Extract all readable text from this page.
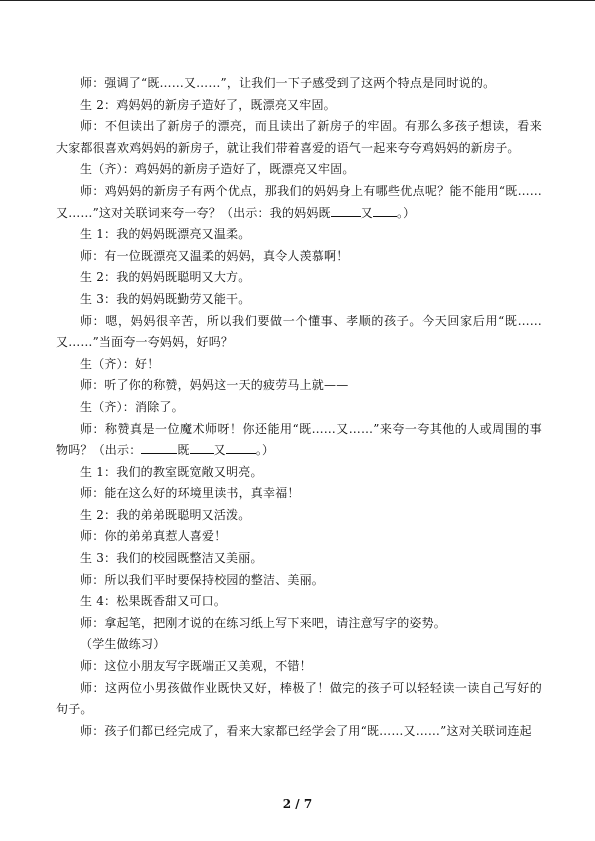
师：强调了“既……又……”，让我们一下子感受到了这两个特点是同时说的。

生 2：鸡妈妈的新房子造好了，既漂亮又牢固。

师：不但读出了新房子的漂亮，而且读出了新房子的牢固。有那么多孩子想读，看来大家都很喜欢鸡妈妈的新房子，就让我们带着喜爱的语气一起来夸夸鸡妈妈的新房子。

生（齐）：鸡妈妈的新房子造好了，既漂亮又牢固。

师：鸡妈妈的新房子有两个优点，那我们的妈妈身上有哪些优点呢？能不能用“既……又……”这对关联词来夸一夸？（出示：我的妈妈既	又 。）

生 1：我的妈妈既漂亮又温柔。

师：有一位既漂亮又温柔的妈妈，真令人羡慕啊！

生 2：我的妈妈既聪明又大方。

生 3：我的妈妈既勤劳又能干。

师：嗯，妈妈很辛苦，所以我们要做一个懂事、孝顺的孩子。今天回家后用“既……又……”当面夸一夸妈妈，好吗？

生（齐）：好！

师：听了你的称赞，妈妈这一天的疲劳马上就——

生（齐）：消除了。

师：称赞真是一位魔术师呀！你还能用“既……又……”来夸一夸其他的人或周围的事物吗？（出示：	既 又	。）

生 1：我们的教室既宽敞又明亮。

师：能在这么好的环境里读书，真幸福！

生 2：我的弟弟既聪明又活泼。

师：你的弟弟真惹人喜爱！

生 3：我们的校园既整洁又美丽。

师：所以我们平时要保持校园的整洁、美丽。

生 4：松果既香甜又可口。

师：拿起笔，把刚才说的在练习纸上写下来吧，请注意写字的姿势。

（学生做练习）

师：这位小朋友写字既端正又美观，不错！

师：这两位小男孩做作业既快又好，棒极了！做完的孩子可以轻轻读一读自己写好的句子。

师：孩子们都已经完成了，看来大家都已经学会了用“既……又……”这对关联词连起

2 / 7
